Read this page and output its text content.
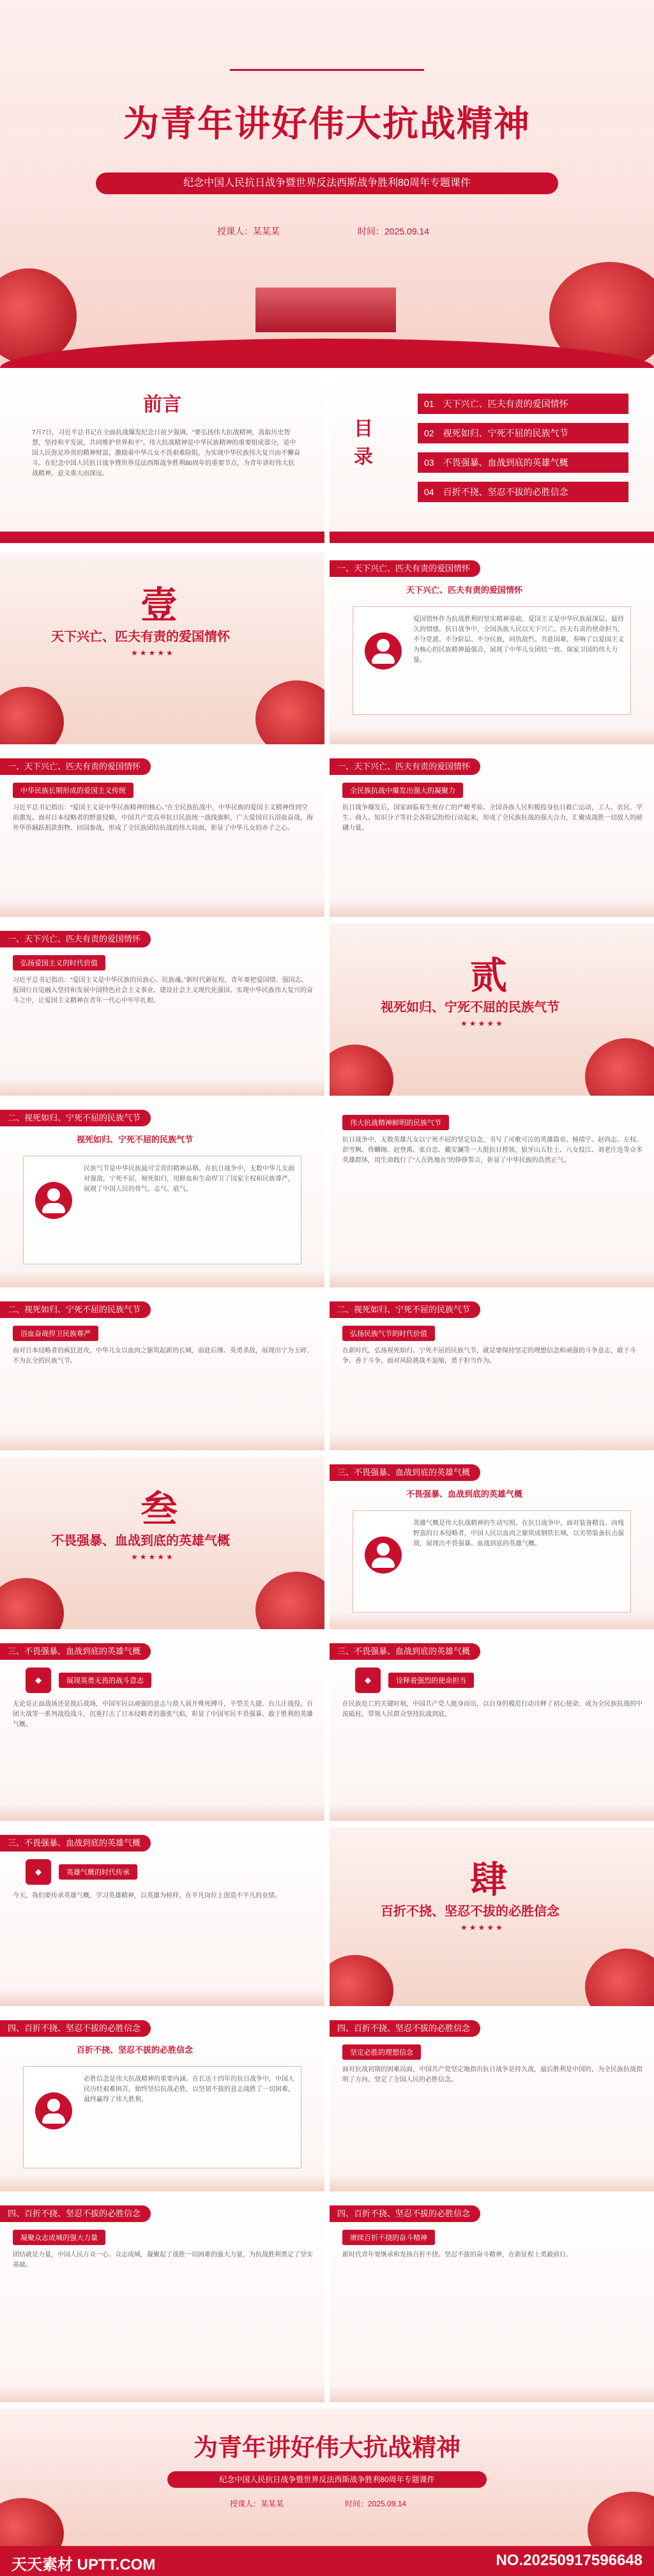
为青年讲好伟大抗战精神
纪念中国人民抗日战争暨世界反法西斯战争胜利80周年专题课件
授课人：某某某	时间：2025.09.14
前言
7月7日，习近平总书记在全面抗战爆发纪念日前夕强调，“要弘扬伟大抗战精神，汲取历史智慧，坚持和平发展，共同维护世界和平”。伟大抗战精神是中华民族精神的重要组成部分，是中国人民弥足珍贵的精神财富，激励着中华儿女不畏艰难险阻，为实现中华民族伟大复兴而不懈奋斗。在纪念中国人民抗日战争暨世界反法西斯战争胜利80周年的重要节点，为青年讲好伟大抗战精神，意义重大而深远。
目录
01　 天下兴亡、匹夫有责的爱国情怀
02　 视死如归、宁死不屈的民族气节
03　 不畏强暴、血战到底的英雄气概
04　 百折不挠、坚忍不拔的必胜信念
壹
天下兴亡、匹夫有责的爱国情怀
★★★★★
一、天下兴亡、匹夫有责的爱国情怀
天下兴亡、匹夫有责的爱国情怀
爱国情怀作为抗战胜利的坚实精神基础，爱国主义是中华民族最深层、最持久的情感。抗日战争中，全国各族人民以天下兴亡、匹夫有责的使命担当，不分党派、不分阶层、不分民族，同仇敌忾、共赴国难，奏响了以爱国主义为核心的民族精神最强音，展现了中华儿女团结一致、保家卫国的伟大力量。
一、天下兴亡、匹夫有责的爱国情怀
中华民族长期形成的爱国主义传统
习近平总书记指出：“爱国主义是中华民族精神的核心。”在全民族抗战中，中华民族的爱国主义精神得到空前激发。面对日本侵略者的野蛮侵略，中国共产党高举抗日民族统一战线旗帜，广大爱国官兵浴血奋战，海外华侨踊跃捐款捐物、回国参战，形成了全民族团结抗战的伟大局面，彰显了中华儿女的赤子之心。
一、天下兴亡、匹夫有责的爱国情怀
全民族抗战中爆发出强大的凝聚力
抗日战争爆发后，国家面临着生死存亡的严峻考验。全国各族人民积极投身抗日救亡运动，工人、农民、学生、商人、知识分子等社会各阶层纷纷行动起来，形成了全民族抗战的强大合力，汇聚成战胜一切敌人的磅礴力量。
一、天下兴亡、匹夫有责的爱国情怀
弘扬爱国主义的时代价值
习近平总书记指出：“爱国主义是中华民族的民族心、民族魂。”新时代新征程，青年要把爱国情、强国志、报国行自觉融入坚持和发展中国特色社会主义事业、建设社会主义现代化强国、实现中华民族伟大复兴的奋斗之中，让爱国主义精神在青年一代心中牢牢扎根。
贰
视死如归、宁死不屈的民族气节
★★★★★
二、视死如归、宁死不屈的民族气节
视死如归、宁死不屈的民族气节
民族气节是中华民族最可宝贵的精神品格。在抗日战争中，无数中华儿女面对强敌，宁死不屈，视死如归，用鲜血和生命捍卫了国家主权和民族尊严，展现了中国人民的骨气、志气、底气。
伟大抗战精神鲜明的民族气节
抗日战争中，无数英雄儿女以宁死不屈的坚定信念，书写了可歌可泣的英雄篇章。杨靖宇、赵尚志、左权、彭雪枫、佟麟阁、赵登禹、张自忠、戴安澜等一大批抗日将领，狼牙山五壮士、八女投江、刘老庄连等众多英雄群体，用生命践行了“人在阵地在”的铮铮誓言，彰显了中华民族的浩然正气。
二、视死如归、宁死不屈的民族气节
浴血奋战捍卫民族尊严
面对日本侵略者的疯狂进攻，中华儿女以血肉之躯筑起新的长城，前赴后继、英勇杀敌，展现出宁为玉碎、不为瓦全的民族气节。
二、视死如归、宁死不屈的民族气节
弘扬民族气节的时代价值
在新时代，弘扬视死如归、宁死不屈的民族气节，就是要保持坚定的理想信念和顽强的斗争意志，敢于斗争、善于斗争，面对风险挑战不退缩，勇于担当作为。
叁
不畏强暴、血战到底的英雄气概
★★★★★
三、不畏强暴、血战到底的英雄气概
不畏强暴、血战到底的英雄气概
英雄气概是伟大抗战精神的生动写照。在抗日战争中，面对装备精良、凶残野蛮的日本侵略者，中国人民以血肉之躯筑成钢铁长城，以劣势装备抗击强敌，展现出不畏强暴、血战到底的英雄气概。
三、不畏强暴、血战到底的英雄气概
◆	展现英勇无畏的战斗意志
无论是正面战场还是敌后战场，中国军民以顽强的意志与敌人展开殊死搏斗，平型关大捷、台儿庄战役、百团大战等一系列战役战斗，沉重打击了日本侵略者的嚣张气焰，彰显了中国军民不畏强暴、敢于胜利的英雄气概。
三、不畏强暴、血战到底的英雄气概
◆	诠释着强烈的使命担当
在民族危亡的关键时刻，中国共产党人挺身而出，以自身的模范行动诠释了初心使命，成为全民族抗战的中流砥柱，带领人民群众坚持抗战到底。
三、不畏强暴、血战到底的英雄气概
◆	英雄气概的时代传承
今天，我们要传承英雄气概，学习英雄精神，以英雄为榜样，在平凡岗位上创造不平凡的业绩。	肆
百折不挠、坚忍不拔的必胜信念
★★★★★
四、百折不挠、坚忍不拔的必胜信念
百折不挠、坚忍不拔的必胜信念
必胜信念是伟大抗战精神的重要内涵。在长达十四年的抗日战争中，中国人民历经艰难困苦，始终坚信抗战必胜，以坚韧不拔的意志战胜了一切困难，最终赢得了伟大胜利。
四、百折不挠、坚忍不拔的必胜信念
坚定必胜的理想信念
面对抗战初期的困难局面，中国共产党坚定地指出抗日战争是持久战，最后胜利是中国的，为全民族抗战指明了方向，坚定了全国人民的必胜信念。
四、百折不挠、坚忍不拔的必胜信念
凝聚众志成城的强大力量
团结就是力量，中国人民万众一心、众志成城，凝聚起了战胜一切困难的强大力量，为抗战胜利奠定了坚实基础。
四、百折不挠、坚忍不拔的必胜信念
赓续百折不挠的奋斗精神
新时代青年要继承和发扬百折不挠、坚忍不拔的奋斗精神，在新征程上勇毅前行。
为青年讲好伟大抗战精神
纪念中国人民抗日战争暨世界反法西斯战争胜利80周年专题课件
授课人：某某某	时间：2025.09.14
天天素材 UPTT.COM	NO.20250917596648
